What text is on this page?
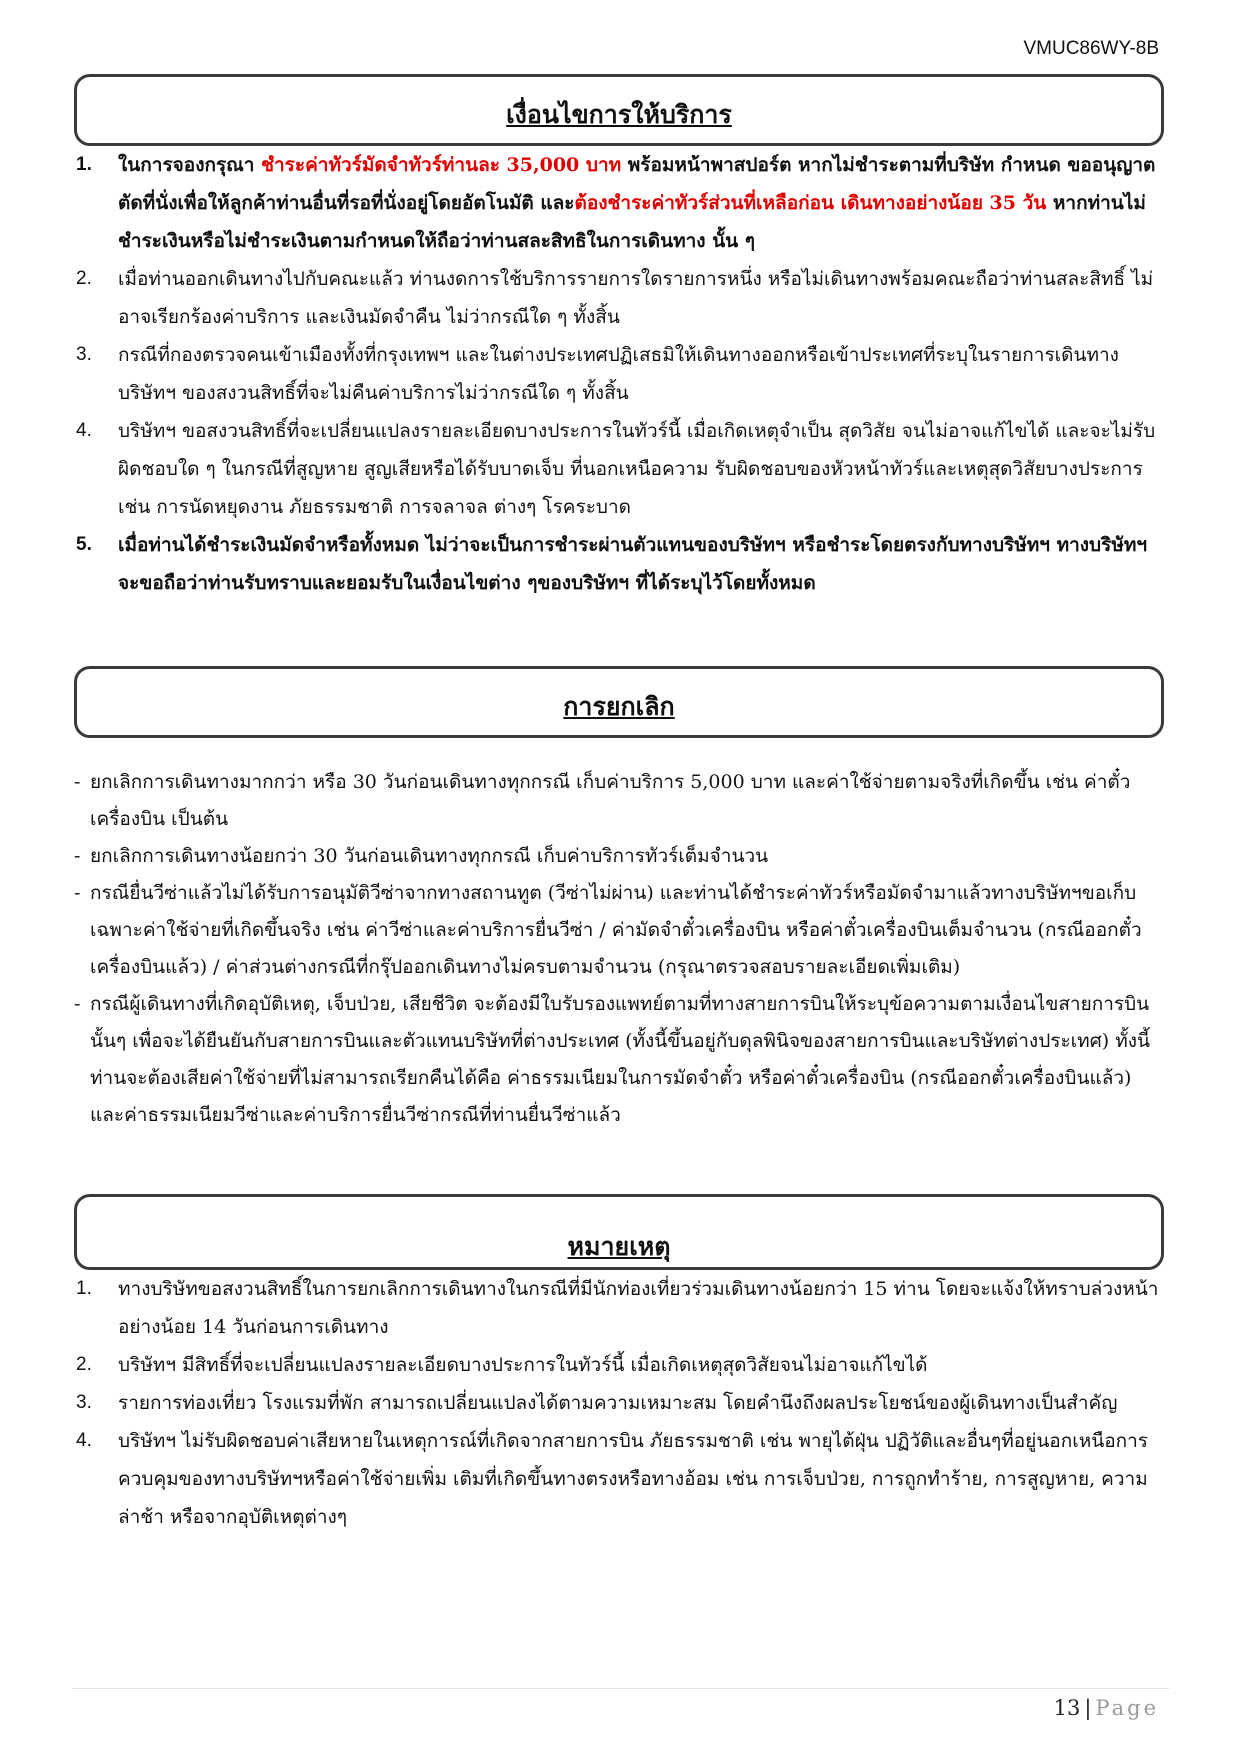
VMUC86WY-8B
เงื่อนไขการให้บริการ
1. ในการจองกรุณา ชำระค่าทัวร์มัดจำทัวร์ท่านละ 35,000 บาท พร้อมหน้าพาสปอร์ต หากไม่ชำระตามที่บริษัท กำหนด ขออนุญาตตัดที่นั่งเพื่อให้ลูกค้าท่านอื่นที่รอที่นั่งอยู่โดยอัตโนมัติ และต้องชำระค่าทัวร์ส่วนที่เหลือก่อน เดินทางอย่างน้อย 35 วัน หากท่านไม่ชำระเงินหรือไม่ชำระเงินตามกำหนดให้ถือว่าท่านสละสิทธิในการเดินทาง นั้น ๆ
2. เมื่อท่านออกเดินทางไปกับคณะแล้ว ท่านงดการใช้บริการรายการใดรายการหนึ่ง หรือไม่เดินทางพร้อมคณะถือว่าท่านสละสิทธิ์ ไม่อาจเรียกร้องค่าบริการ และเงินมัดจำคืน ไม่ว่ากรณีใด ๆ ทั้งสิ้น
3. กรณีที่กองตรวจคนเข้าเมืองทั้งที่กรุงเทพฯ และในต่างประเทศปฏิเสธมิให้เดินทางออกหรือเข้าประเทศที่ระบุในรายการเดินทาง บริษัทฯ ของสงวนสิทธิ์ที่จะไม่คืนค่าบริการไม่ว่ากรณีใด ๆ ทั้งสิ้น
4. บริษัทฯ ขอสงวนสิทธิ์ที่จะเปลี่ยนแปลงรายละเอียดบางประการในทัวร์นี้ เมื่อเกิดเหตุจำเป็น สุดวิสัย จนไม่อาจแก้ไขได้ และจะไม่รับผิดชอบใด ๆ ในกรณีที่สูญหาย สูญเสียหรือได้รับบาดเจ็บ ที่นอกเหนือความ รับผิดชอบของหัวหน้าทัวร์และเหตุสุดวิสัยบางประการเช่น การนัดหยุดงาน ภัยธรรมชาติ การจลาจล ต่างๆ โรคระบาด
5. เมื่อท่านได้ชำระเงินมัดจำหรือทั้งหมด ไม่ว่าจะเป็นการชำระผ่านตัวแทนของบริษัทฯ หรือชำระโดยตรงกับทางบริษัทฯ ทางบริษัทฯ จะขอถือว่าท่านรับทราบและยอมรับในเงื่อนไขต่าง ๆของบริษัทฯ ที่ได้ระบุไว้โดยทั้งหมด
การยกเลิก
- ยกเลิกการเดินทางมากกว่า หรือ 30 วันก่อนเดินทางทุกกรณี เก็บค่าบริการ 5,000 บาท และค่าใช้จ่ายตามจริงที่เกิดขึ้น เช่น ค่าตั๋วเครื่องบิน เป็นต้น
- ยกเลิกการเดินทางน้อยกว่า 30 วันก่อนเดินทางทุกกรณี เก็บค่าบริการทัวร์เต็มจำนวน
- กรณียื่นวีซ่าแล้วไม่ได้รับการอนุมัติวีซ่าจากทางสถานทูต (วีซ่าไม่ผ่าน) และท่านได้ชำระค่าทัวร์หรือมัดจำมาแล้วทางบริษัทฯขอเก็บเฉพาะค่าใช้จ่ายที่เกิดขึ้นจริง เช่น ค่าวีซ่าและค่าบริการยื่นวีซ่า / ค่ามัดจำตั๋วเครื่องบิน หรือค่าตั๋วเครื่องบินเต็มจำนวน (กรณีออกตั๋วเครื่องบินแล้ว) / ค่าส่วนต่างกรณีที่กรุ๊ปออกเดินทางไม่ครบตามจำนวน (กรุณาตรวจสอบรายละเอียดเพิ่มเติม)
- กรณีผู้เดินทางที่เกิดอุบัติเหตุ, เจ็บป่วย, เสียชีวิต จะต้องมีใบรับรองแพทย์ตามที่ทางสายการบินให้ระบุข้อความตามเงื่อนไขสายการบินนั้นๆ เพื่อจะได้ยืนยันกับสายการบินและตัวแทนบริษัทที่ต่างประเทศ (ทั้งนี้ขึ้นอยู่กับดุลพินิจของสายการบินและบริษัทต่างประเทศ) ทั้งนี้ท่านจะต้องเสียค่าใช้จ่ายที่ไม่สามารถเรียกคืนได้คือ ค่าธรรมเนียมในการมัดจำตั๋ว หรือค่าตั๋วเครื่องบิน (กรณีออกตั๋วเครื่องบินแล้ว) และค่าธรรมเนียมวีซ่าและค่าบริการยื่นวีซ่ากรณีที่ท่านยื่นวีซ่าแล้ว
หมายเหตุ
1. ทางบริษัทขอสงวนสิทธิ์ในการยกเลิกการเดินทางในกรณีที่มีนักท่องเที่ยวร่วมเดินทางน้อยกว่า 15 ท่าน โดยจะแจ้งให้ทราบล่วงหน้าอย่างน้อย 14 วันก่อนการเดินทาง
2. บริษัทฯ มีสิทธิ์ที่จะเปลี่ยนแปลงรายละเอียดบางประการในทัวร์นี้ เมื่อเกิดเหตุสุดวิสัยจนไม่อาจแก้ไขได้
3. รายการท่องเที่ยว โรงแรมที่พัก สามารถเปลี่ยนแปลงได้ตามความเหมาะสม โดยคำนึงถึงผลประโยชน์ของผู้เดินทางเป็นสำคัญ
4. บริษัทฯ ไม่รับผิดชอบค่าเสียหายในเหตุการณ์ที่เกิดจากสายการบิน ภัยธรรมชาติ เช่น พายุไต้ฝุ่น ปฏิวัติและอื่นๆที่อยู่นอกเหนือการควบคุมของทางบริษัทฯหรือค่าใช้จ่ายเพิ่ม เติมที่เกิดขึ้นทางตรงหรือทางอ้อม เช่น การเจ็บป่วย, การถูกทำร้าย, การสูญหาย, ความล่าช้า หรือจากอุบัติเหตุต่างๆ
13 | Page
